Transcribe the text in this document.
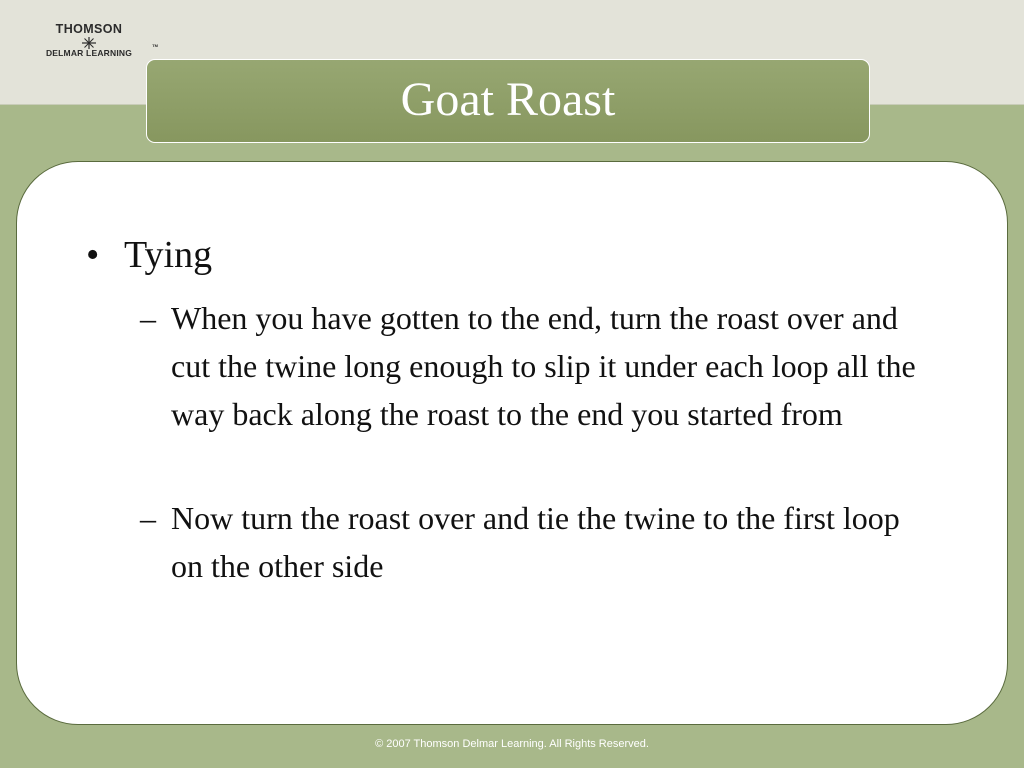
THOMSON
DELMAR LEARNING
TM
Goat Roast
• Tying
– When you have gotten to the end, turn the roast over and cut the twine long enough to slip it under each loop all the way back along the roast to the end you started from
– Now turn the roast over and tie the twine to the first loop on the other side
© 2007 Thomson Delmar Learning. All Rights Reserved.
